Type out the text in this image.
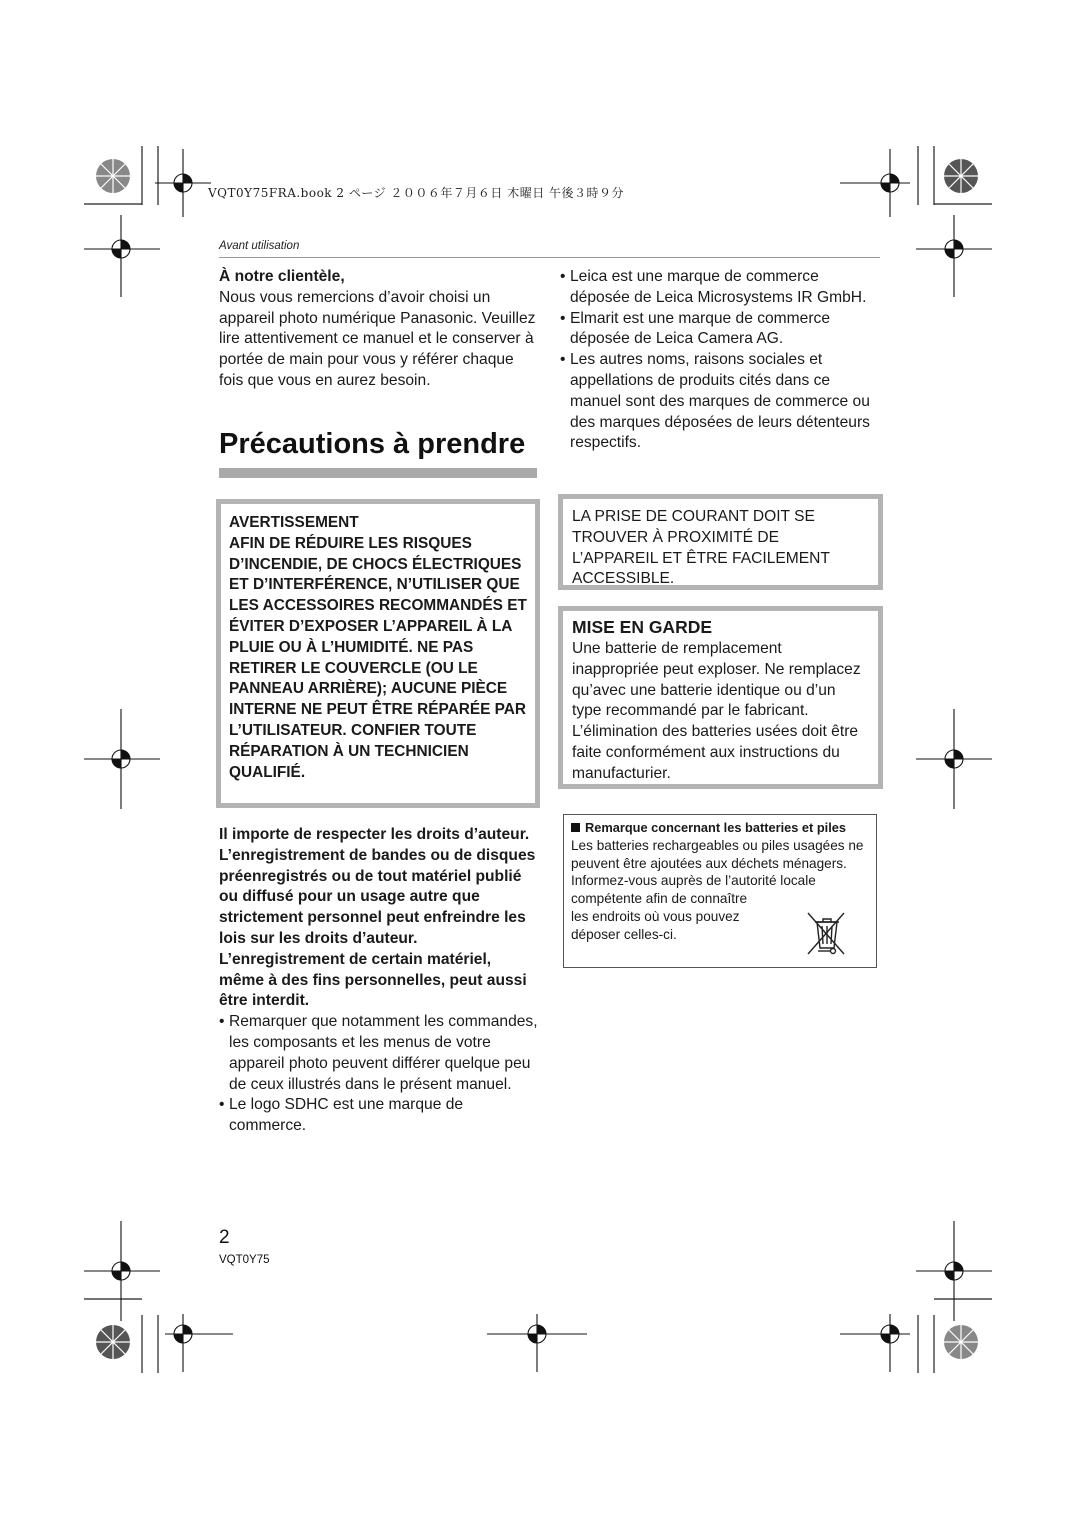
VQT0Y75FRA.book 2 ページ ２００６年７月６日 木曜日 午後３時９分
Avant utilisation

À notre clientèle,

Nous vous remercions d’avoir choisi un appareil photo numérique Panasonic. Veuillez lire attentivement ce manuel et le conserver à portée de main pour vous y référer chaque fois que vous en aurez besoin.

Précautions à prendre

AVERTISSEMENT

AFIN DE RÉDUIRE LES RISQUES D’INCENDIE, DE CHOCS ÉLECTRIQUES ET D’INTERFÉRENCE, N’UTILISER QUE LES ACCESSOIRES RECOMMANDÉS ET ÉVITER D’EXPOSER L’APPAREIL À LA PLUIE OU À L’HUMIDITÉ. NE PAS RETIRER LE COUVERCLE (OU LE PANNEAU ARRIÈRE); AUCUNE PIÈCE INTERNE NE PEUT ÊTRE RÉPARÉE PAR L’UTILISATEUR. CONFIER TOUTE RÉPARATION À UN TECHNICIEN QUALIFIÉ.

Il importe de respecter les droits d’auteur. L’enregistrement de bandes ou de disques préenregistrés ou de tout matériel publié ou diffusé pour un usage autre que strictement personnel peut enfreindre les lois sur les droits d’auteur. L’enregistrement de certain matériel, même à des fins personnelles, peut aussi être interdit.

• Remarquer que notamment les commandes, les composants et les menus de votre appareil photo peuvent différer quelque peu de ceux illustrés dans le présent manuel.

• Le logo SDHC est une marque de commerce.

• Leica est une marque de commerce déposée de Leica Microsystems IR GmbH.

• Elmarit est une marque de commerce déposée de Leica Camera AG.

• Les autres noms, raisons sociales et appellations de produits cités dans ce manuel sont des marques de commerce ou des marques déposées de leurs détenteurs respectifs.

LA PRISE DE COURANT DOIT SE TROUVER À PROXIMITÉ DE L’APPAREIL ET ÊTRE FACILEMENT ACCESSIBLE.

MISE EN GARDE

Une batterie de remplacement inappropriée peut exploser. Ne remplacez qu’avec une batterie identique ou d’un type recommandé par le fabricant. L’élimination des batteries usées doit être faite conformément aux instructions du manufacturier.

Remarque concernant les batteries et piles

Les batteries rechargeables ou piles usagées ne peuvent être ajoutées aux déchets ménagers.

Informez-vous auprès de l’autorité locale

compétente afin de connaître

les endroits où vous pouvez

déposer celles-ci.

2
VQT0Y75
